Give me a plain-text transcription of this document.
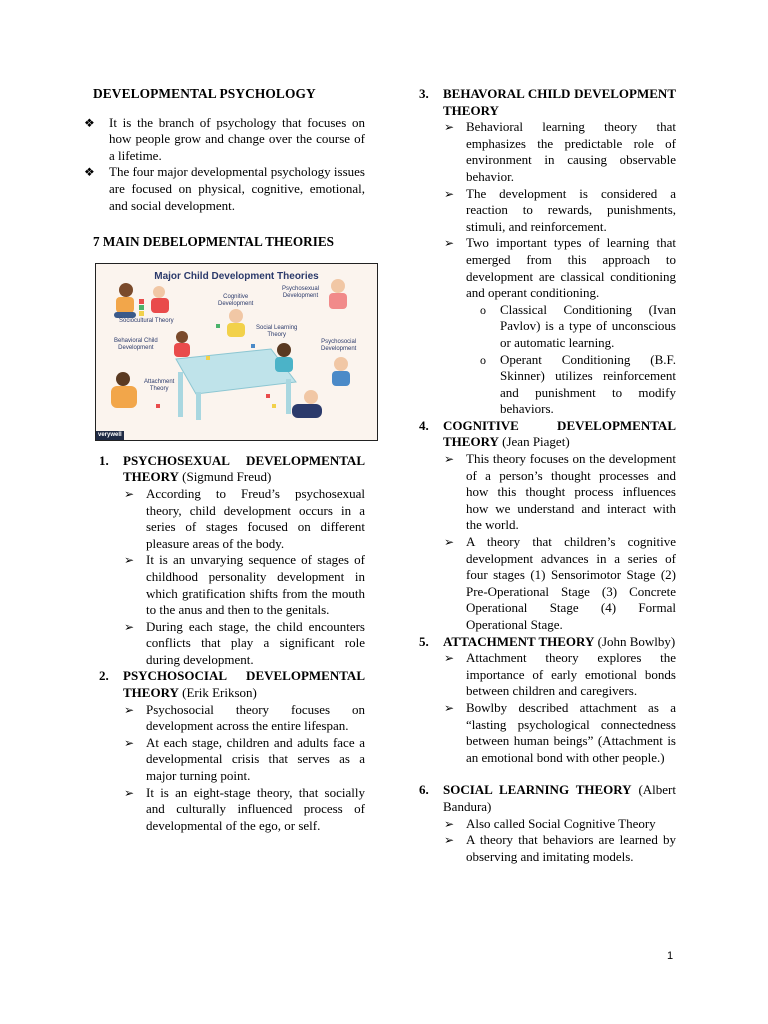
DEVELOPMENTAL PSYCHOLOGY
❖ It is the branch of psychology that focuses on how people grow and change over the course of a lifetime.
❖ The four major developmental psychology issues are focused on physical, cognitive, emotional, and social development.
7 MAIN DEBELOPMENTAL THEORIES
Major Child Development Theories
Cognitive
Development
Psychosexual
Development
Sociocultural Theory
Social Learning
Theory
Behavioral Child
Development
Psychosocial
Development
Attachment
Theory
verywell
1. PSYCHOSEXUAL DEVELOPMENTAL THEORY (Sigmund Freud)
➢ According to Freud’s psychosexual theory, child development occurs in a series of stages focused on different pleasure areas of the body.
➢ It is an unvarying sequence of stages of childhood personality development in which gratification shifts from the mouth to the anus and then to the genitals.
➢ During each stage, the child encounters conflicts that play a significant role during development.
2. PSYCHOSOCIAL DEVELOPMENTAL THEORY (Erik Erikson)
➢ Psychosocial theory focuses on development across the entire lifespan.
➢ At each stage, children and adults face a developmental crisis that serves as a major turning point.
➢ It is an eight-stage theory, that socially and culturally influenced process of developmental of the ego, or self.
3. BEHAVORAL CHILD DEVELOPMENT THEORY
➢ Behavioral learning theory that emphasizes the predictable role of environment in causing observable behavior.
➢ The development is considered a reaction to rewards, punishments, stimuli, and reinforcement.
➢ Two important types of learning that emerged from this approach to development are classical conditioning and operant conditioning.
o Classical Conditioning (Ivan Pavlov) is a type of unconscious or automatic learning.
o Operant Conditioning (B.F. Skinner) utilizes reinforcement and punishment to modify behaviors.
4. COGNITIVE DEVELOPMENTAL THEORY (Jean Piaget)
➢ This theory focuses on the development of a person’s thought processes and how this thought process influences how we understand and interact with the world.
➢ A theory that children’s cognitive development advances in a series of four stages (1) Sensorimotor Stage (2) Pre-Operational Stage (3) Concrete Operational Stage (4) Formal Operational Stage.
5. ATTACHMENT THEORY (John Bowlby)
➢ Attachment theory explores the importance of early emotional bonds between children and caregivers.
➢ Bowlby described attachment as a “lasting psychological connectedness between human beings” (Attachment is an emotional bond with other people.)
6. SOCIAL LEARNING THEORY (Albert Bandura)
➢ Also called Social Cognitive Theory
➢ A theory that behaviors are learned by observing and imitating models.
1
